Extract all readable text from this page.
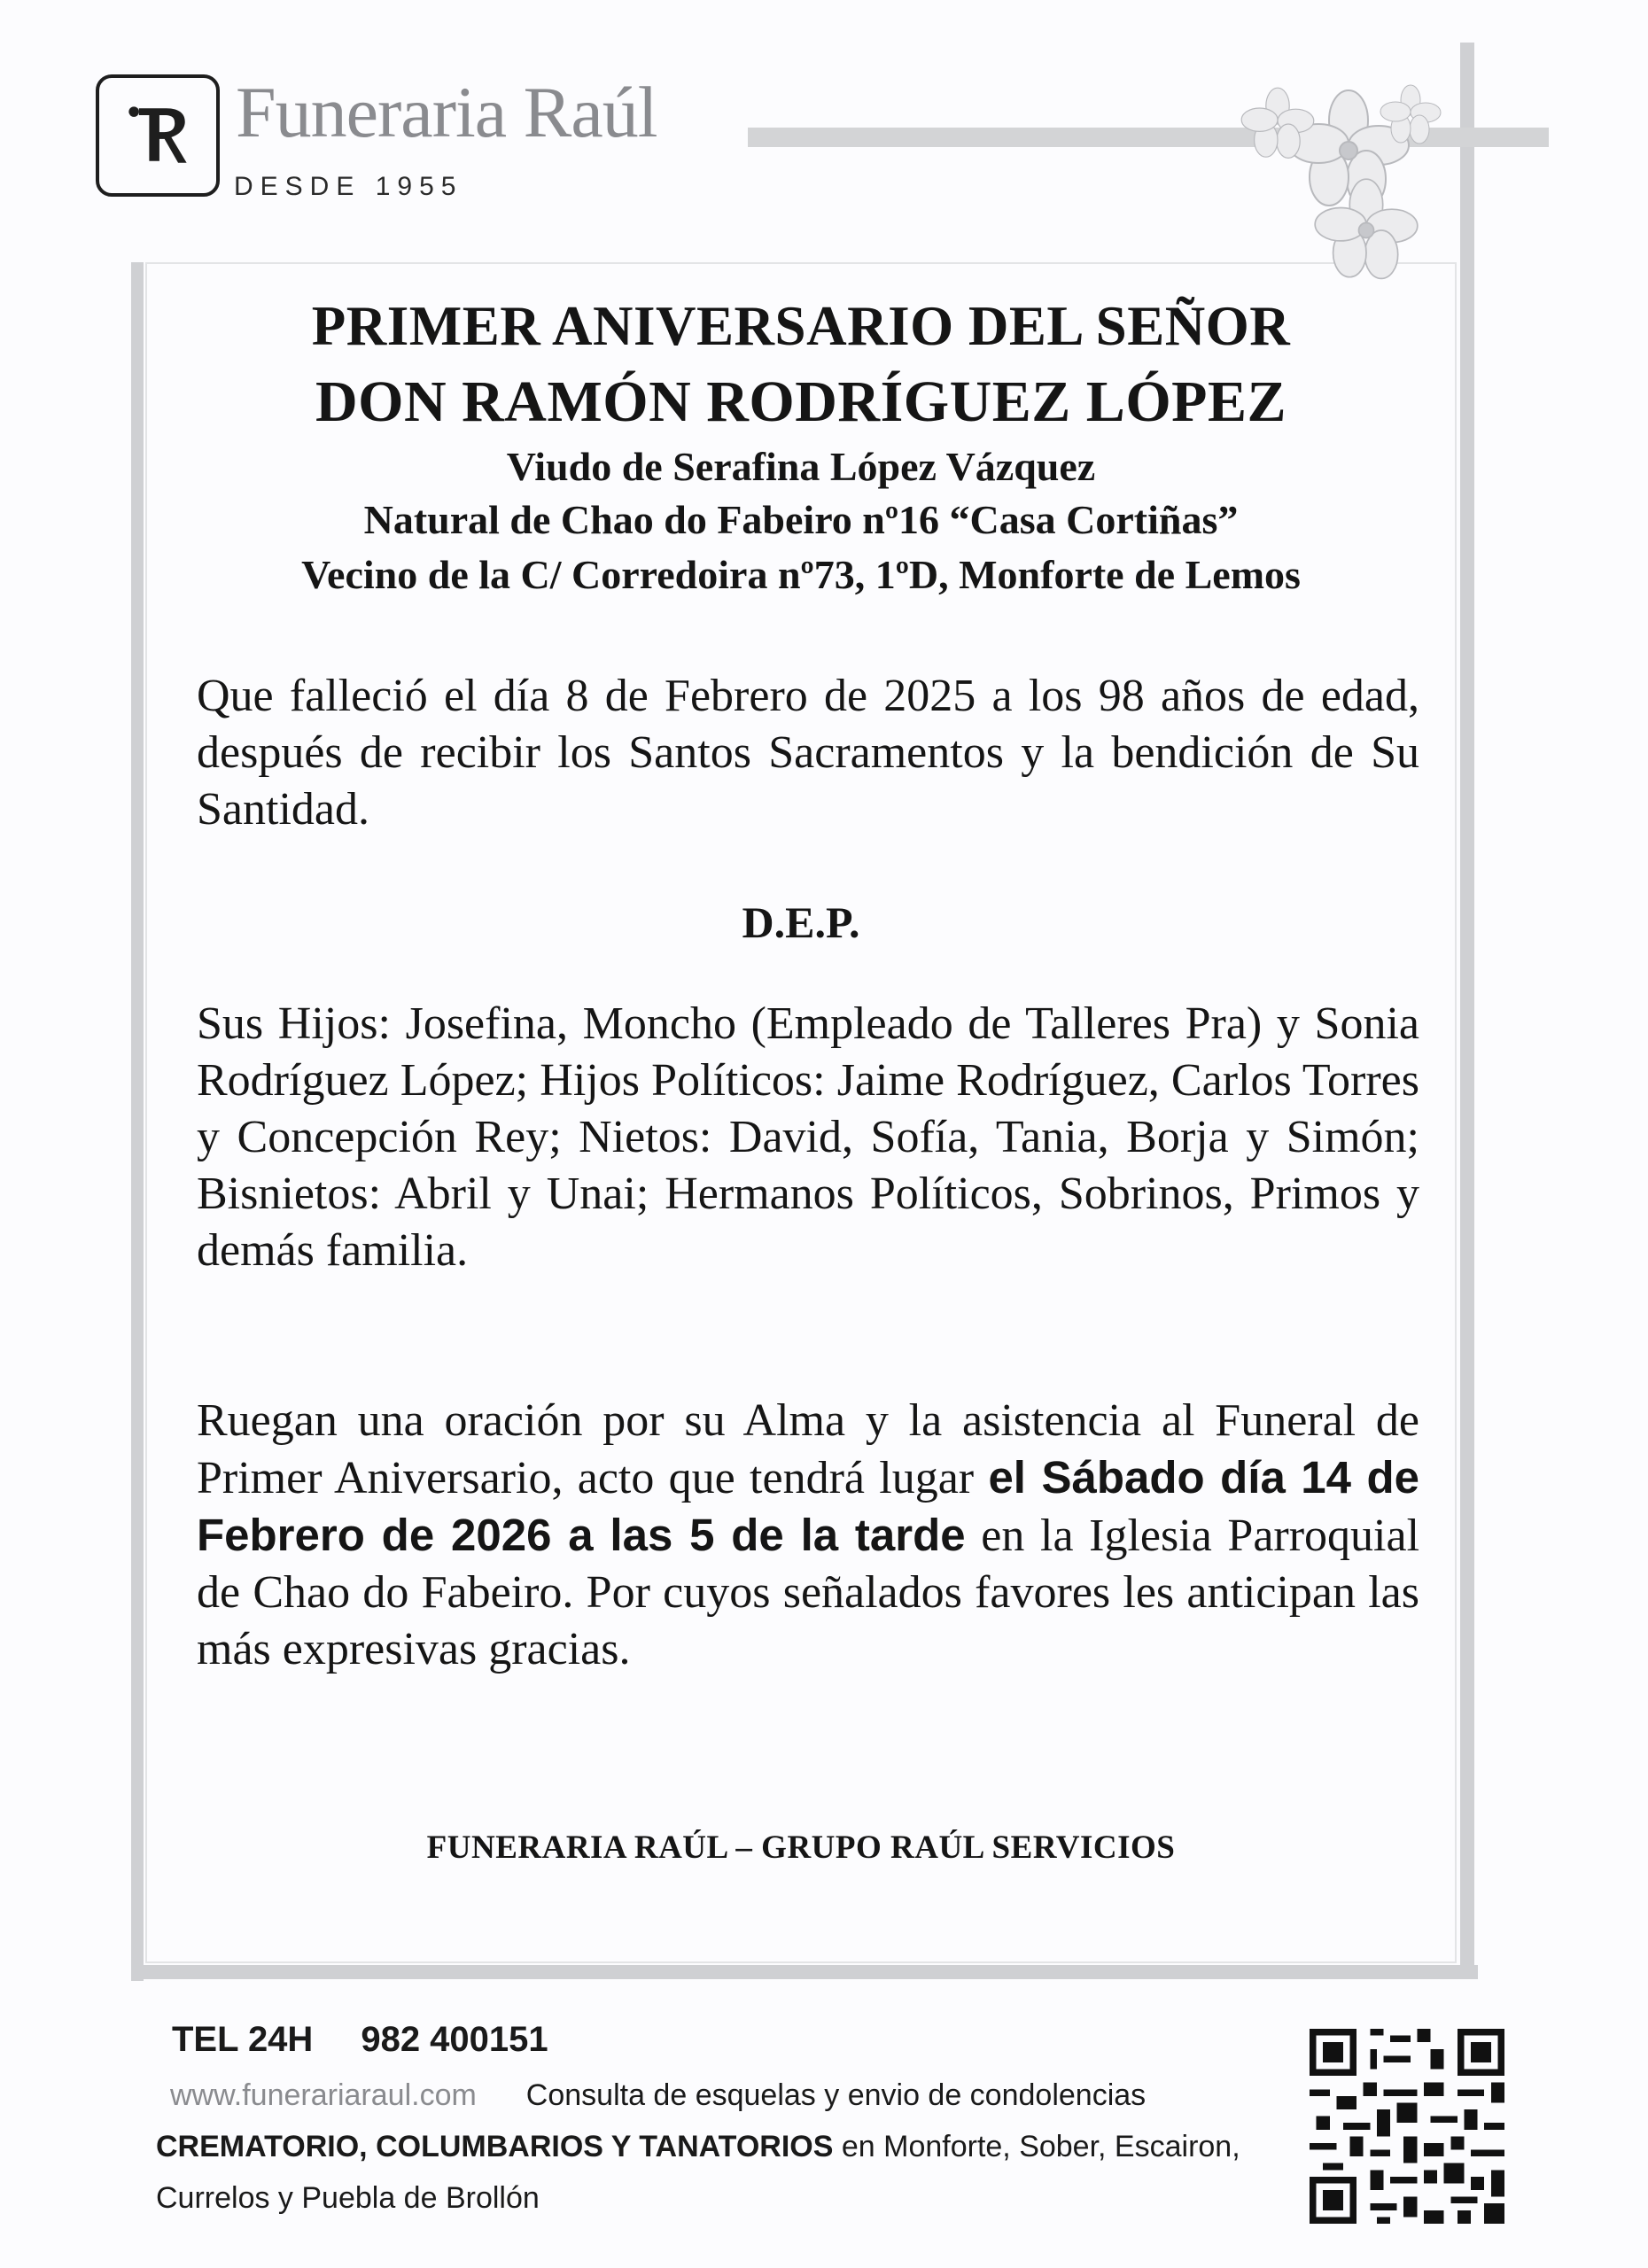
Funeraria Raúl
DESDE 1955
PRIMER ANIVERSARIO DEL SEÑOR
DON RAMÓN RODRÍGUEZ LÓPEZ
Viudo de Serafina López Vázquez
Natural de Chao do Fabeiro nº16 “Casa Cortiñas”
Vecino de la C/ Corredoira nº73, 1ºD, Monforte de Lemos
Que falleció el día 8 de Febrero de 2025 a los 98 años de edad, después de recibir los Santos Sacramentos y la bendición de Su Santidad.
D.E.P.
Sus Hijos: Josefina, Moncho (Empleado de Talleres Pra) y Sonia Rodríguez López; Hijos Políticos: Jaime Rodríguez, Carlos Torres y Concepción Rey; Nietos: David, Sofía, Tania, Borja y Simón; Bisnietos: Abril y Unai; Hermanos Políticos, Sobrinos, Primos y demás familia.
Ruegan una oración por su Alma y la asistencia al Funeral de Primer Aniversario, acto que tendrá lugar el Sábado día 14 de Febrero de 2026 a las 5 de la tarde en la Iglesia Parroquial de Chao do Fabeiro. Por cuyos señalados favores les anticipan las más expresivas gracias.
FUNERARIA RAÚL – GRUPO RAÚL SERVICIOS
TEL 24H 982 400151
www.funerariaraul.com Consulta de esquelas y envio de condolencias CREMATORIO, COLUMBARIOS Y TANATORIOS en Monforte, Sober, Escairon, Currelos y Puebla de Brollón
